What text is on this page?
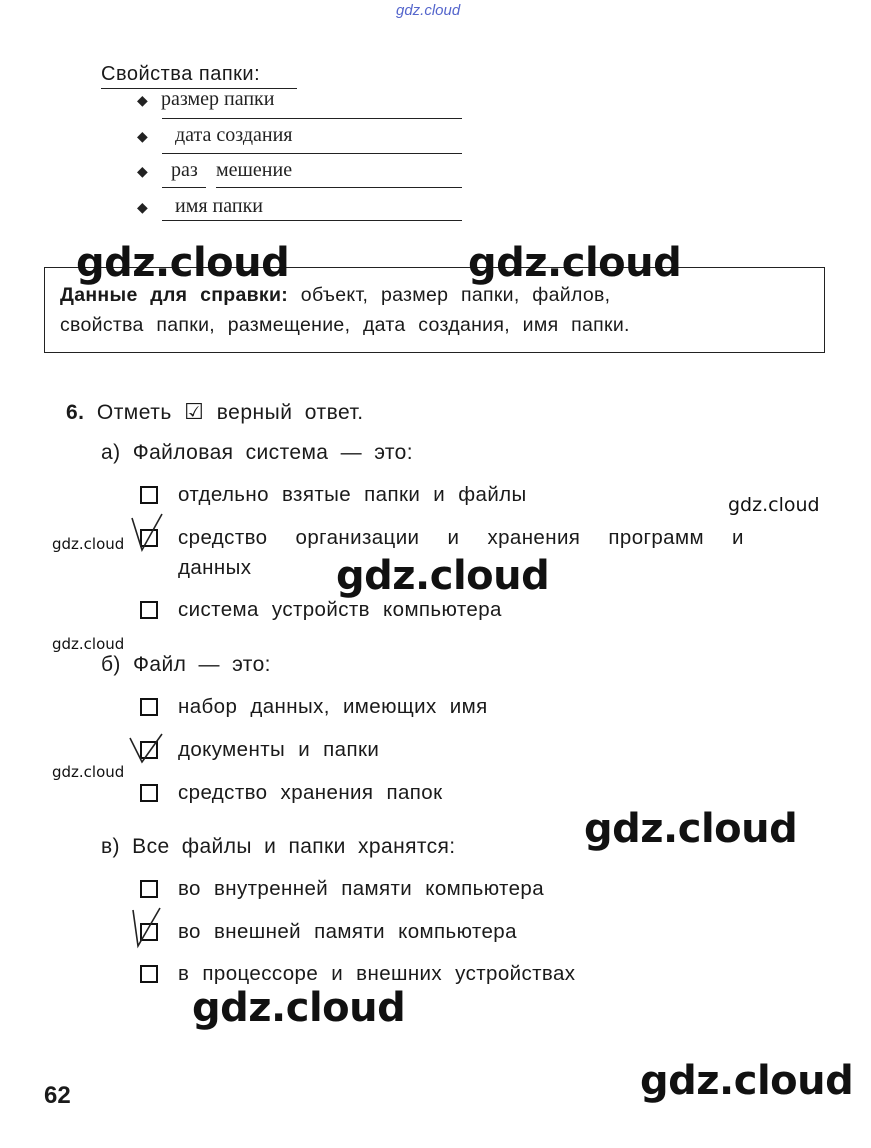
gdz.cloud
Свойства папки:
◆ размер папки
◆ дата создания
◆ раз мешение
◆ имя папки
Данные для справки: объект, размер папки, файлов,
свойства папки, размещение, дата создания, имя папки.
gdz.cloud	gdz.cloud
6. Отметь ☑ верный ответ.
а) Файловая система — это:
отдельно взятые папки и файлы
средство организации и хранения программ и
данных
система устройств компьютера
б) Файл — это:
набор данных, имеющих имя
документы и папки
средство хранения папок
в) Все файлы и папки хранятся:
во внутренней памяти компьютера
во внешней памяти компьютера
в процессоре и внешних устройствах
gdz.cloud
gdz.cloud
gdz.cloud
gdz.cloud
gdz.cloud
gdz.cloud
gdz.cloud
gdz.cloud
62
